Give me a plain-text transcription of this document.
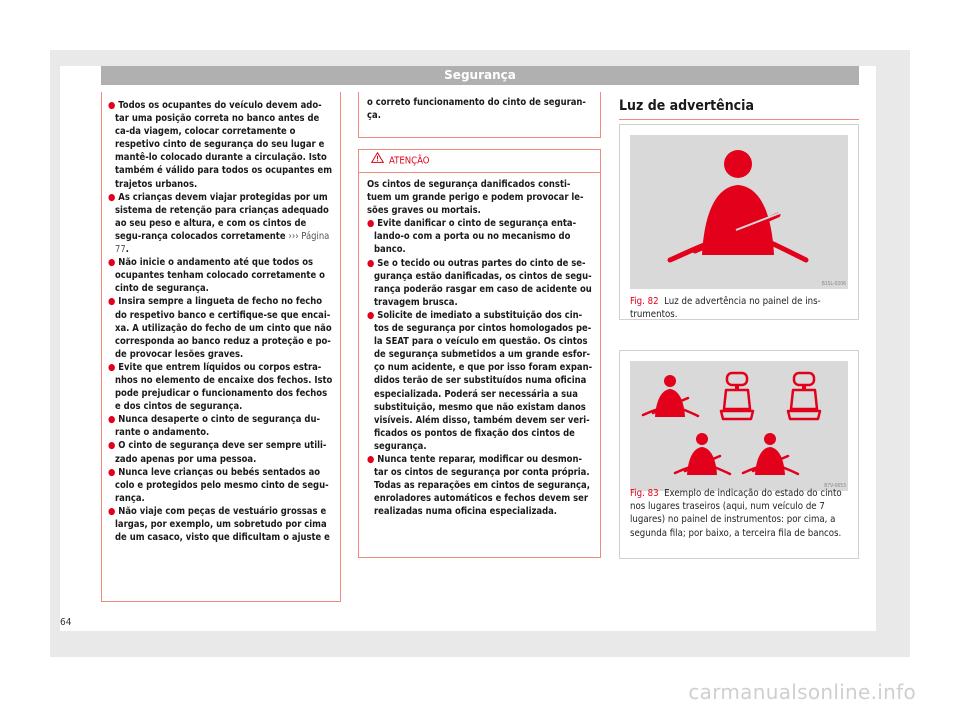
Segurança

● Todos os ocupantes do veículo devem ado-tar uma posição correta no banco antes de ca-da viagem, colocar corretamente o respetivo cinto de segurança do seu lugar e mantê-lo colocado durante a circulação. Isto também é válido para todos os ocupantes em trajetos urbanos.

● As crianças devem viajar protegidas por um sistema de retenção para crianças adequado ao seu peso e altura, e com os cintos de segu-rança colocados corretamente ››› Página 77.

● Não inicie o andamento até que todos os ocupantes tenham colocado corretamente o cinto de segurança.

● Insira sempre a lingueta de fecho no fecho do respetivo banco e certifique-se que encai-xa. A utilização do fecho de um cinto que não corresponda ao banco reduz a proteção e po-de provocar lesões graves.

● Evite que entrem líquidos ou corpos estra-nhos no elemento de encaixe dos fechos. Isto pode prejudicar o funcionamento dos fechos e dos cintos de segurança.

● Nunca desaperte o cinto de segurança du-rante o andamento.

● O cinto de segurança deve ser sempre utili-zado apenas por uma pessoa.

● Nunca leve crianças ou bebés sentados ao colo e protegidos pelo mesmo cinto de segu-rança.

● Não viaje com peças de vestuário grossas e largas, por exemplo, um sobretudo por cima de um casaco, visto que dificultam o ajuste e

o correto funcionamento do cinto de seguran-ça.

ATENÇÃO

Os cintos de segurança danificados consti-tuem um grande perigo e podem provocar le-sões graves ou mortais.

● Evite danificar o cinto de segurança enta-lando-o com a porta ou no mecanismo do banco.

● Se o tecido ou outras partes do cinto de se-gurança estão danificadas, os cintos de segu-rança poderão rasgar em caso de acidente ou travagem brusca.

● Solicite de imediato a substituição dos cin-tos de segurança por cintos homologados pe-la SEAT para o veículo em questão. Os cintos de segurança submetidos a um grande esfor-ço num acidente, e que por isso foram expan-didos terão de ser substituídos numa oficina especializada. Poderá ser necessária a sua substituição, mesmo que não existam danos visíveis. Além disso, também devem ser veri-ficados os pontos de fixação dos cintos de segurança.

● Nunca tente reparar, modificar ou desmon-tar os cintos de segurança por conta própria. Todas as reparações em cintos de segurança, enroladores automáticos e fechos devem ser realizadas numa oficina especializada.

Luz de advertência
B1SL-0206
Fig. 82 Luz de advertência no painel de ins-trumentos.
B7V-0653
Fig. 83 Exemplo de indicação do estado do cinto nos lugares traseiros (aqui, num veículo de 7 lugares) no painel de instrumentos: por cima, a segunda fila; por baixo, a terceira fila de bancos.
64
carmanualsonline.info
